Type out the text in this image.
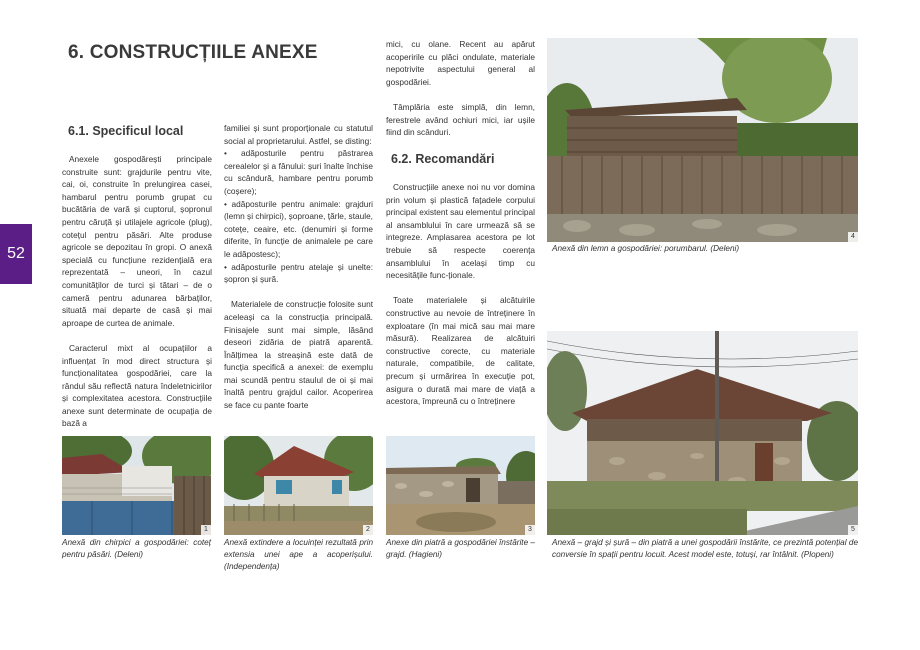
6. CONSTRUCȚIILE ANEXE
52
6.1. Specificul local

Anexele gospodărești principale construite sunt: grajdurile pentru vite, cai, oi, construite în prelungirea casei, hambarul pentru porumb grupat cu bucătăria de vară și cuptorul, șopronul pentru căruță și utilajele agricole (plug), cotețul pentru păsări. Alte produse agricole se depozitau în gropi. O anexă specială cu funcțiune rezidențială era reprezentată – uneori, în cazul comunităților de turci și tătari – de o cameră pentru adunarea bărbaților, situată mai departe de casă și mai aproape de curtea de animale.

Caracterul mixt al ocupațiilor a influențat în mod direct structura și funcționalitatea gospodăriei, care la rândul său reflectă natura îndeletnicirilor și complexitatea acestora. Construcțiile anexe sunt determinate de ocupația de bază a

familiei și sunt proporționale cu statutul social al proprietarului. Astfel, se disting:

• adăposturile pentru păstrarea cerealelor și a fânului: șuri înalte închise cu scândură, hambare pentru porumb (coșere);

• adăposturile pentru animale: grajduri (lemn și chirpici), șoproane, țărle, staule, cotețe, ceaire, etc. (denumiri și forme diferite, în funcție de animalele pe care le adăpostesc);

• adăposturile pentru atelaje și unelte: șopron și șură.

Materialele de construcție folosite sunt aceleași ca la construcția principală. Finisajele sunt mai simple, lăsând deseori zidăria de piatră aparentă. Înălțimea la streașină este dată de funcția specifică a anexei: de exemplu mai scundă pentru staulul de oi și mai înaltă pentru grajdul cailor. Acoperirea se face cu pante foarte

mici, cu olane. Recent au apărut acoperirile cu plăci ondulate, materiale nepotrivite aspectului general al gospodăriei.

Tâmplăria este simplă, din lemn, ferestrele având ochiuri mici, iar ușile fiind din scânduri.

6.2. Recomandări

Construcțiile anexe noi nu vor domina prin volum și plastică fațadele corpului principal existent sau elementul principal al ansamblului în care urmează să se integreze. Amplasarea acestora pe lot trebuie să respecte coerența ansamblului în același timp cu necesitățile func-ționale.

Toate materialele și alcătuirile constructive au nevoie de întreținere în exploatare (în mai mică sau mai mare măsură). Realizarea de alcătuiri constructive corecte, cu materiale naturale, compatibile, de calitate, precum și urmărirea în execuție pot, asigura o durată mai mare de viață a acestora, împreună cu o întreținere

4
Anexă din lemn a gospodăriei: porumbarul. (Deleni)
5
Anexă – grajd și șură – din piatră a unei gospodării înstărite, ce prezintă potențial de conversie în spații pentru locuit. Acest model este, totuși, rar întâlnit. (Plopeni)
1
Anexă din chirpici a gospodăriei: coteț pentru păsări. (Deleni)
2
Anexă extindere a locuinței rezultată prin extensia unei ape a acoperișului. (Independența)
3
Anexe din piatră a gospodăriei înstărite – grajd. (Hagieni)
